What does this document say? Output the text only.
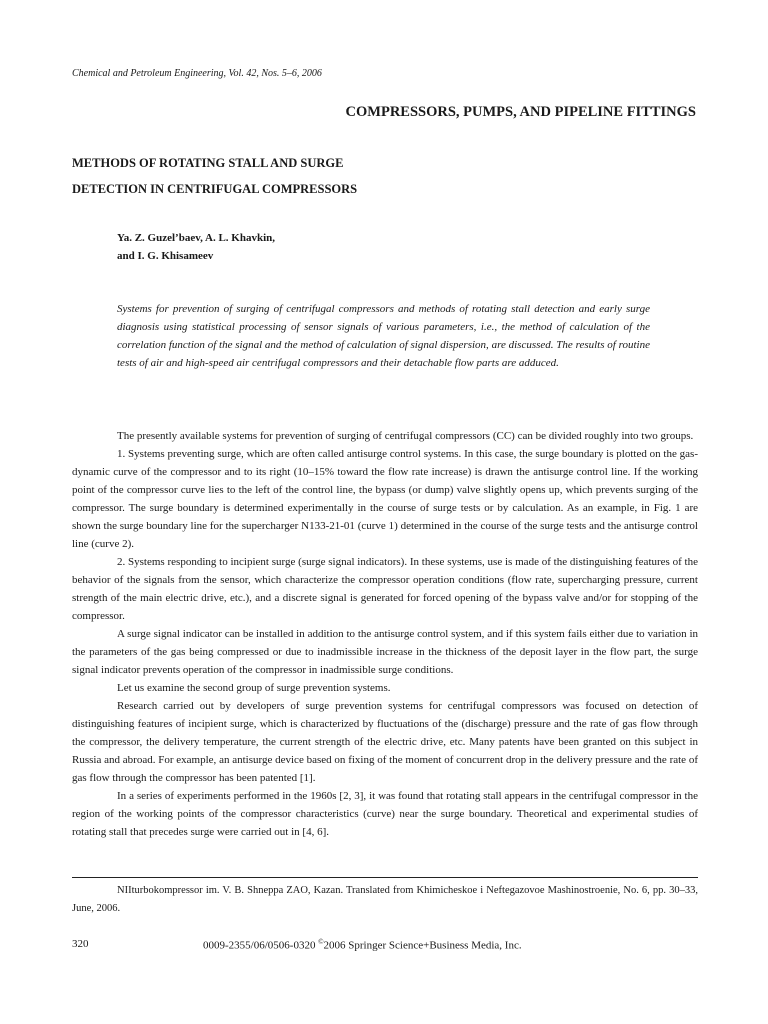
Chemical and Petroleum Engineering, Vol. 42, Nos. 5–6, 2006
COMPRESSORS, PUMPS, AND PIPELINE FITTINGS
METHODS OF ROTATING STALL AND SURGE
DETECTION IN CENTRIFUGAL COMPRESSORS
Ya. Z. Guzel’baev, A. L. Khavkin,
and I. G. Khisameev
Systems for prevention of surging of centrifugal compressors and methods of rotating stall detection and early surge diagnosis using statistical processing of sensor signals of various parameters, i.e., the method of calculation of the correlation function of the signal and the method of calculation of signal dispersion, are discussed. The results of routine tests of air and high-speed air centrifugal compressors and their detachable flow parts are adduced.

The presently available systems for prevention of surging of centrifugal compressors (CC) can be divided roughly into two groups.

1. Systems preventing surge, which are often called antisurge control systems. In this case, the surge boundary is plotted on the gas-dynamic curve of the compressor and to its right (10–15% toward the flow rate increase) is drawn the antisurge control line. If the working point of the compressor curve lies to the left of the control line, the bypass (or dump) valve slightly opens up, which prevents surging of the compressor. The surge boundary is determined experimentally in the course of surge tests or by calculation. As an example, in Fig. 1 are shown the surge boundary line for the supercharger N133-21-01 (curve 1) determined in the course of the surge tests and the antisurge control line (curve 2).

2. Systems responding to incipient surge (surge signal indicators). In these systems, use is made of the distinguishing features of the behavior of the signals from the sensor, which characterize the compressor operation conditions (flow rate, supercharging pressure, current strength of the main electric drive, etc.), and a discrete signal is generated for forced opening of the bypass valve and/or for stopping of the compressor.

A surge signal indicator can be installed in addition to the antisurge control system, and if this system fails either due to variation in the parameters of the gas being compressed or due to inadmissible increase in the thickness of the deposit layer in the flow part, the surge signal indicator prevents operation of the compressor in inadmissible surge conditions.

Let us examine the second group of surge prevention systems.

Research carried out by developers of surge prevention systems for centrifugal compressors was focused on detection of distinguishing features of incipient surge, which is characterized by fluctuations of the (discharge) pressure and the rate of gas flow through the compressor, the delivery temperature, the current strength of the electric drive, etc. Many patents have been granted on this subject in Russia and abroad. For example, an antisurge device based on fixing of the moment of concurrent drop in the delivery pressure and the rate of gas flow through the compressor has been patented [1].

In a series of experiments performed in the 1960s [2, 3], it was found that rotating stall appears in the centrifugal compressor in the region of the working points of the compressor characteristics (curve) near the surge boundary. Theoretical and experimental studies of rotating stall that precedes surge were carried out in [4, 6].

NIIturbokompressor im. V. B. Shneppa ZAO, Kazan. Translated from Khimicheskoe i Neftegazovoe Mashinostroenie, No. 6, pp. 30–33, June, 2006.
320	0009-2355/06/0506-0320 ©2006 Springer Science+Business Media, Inc.
